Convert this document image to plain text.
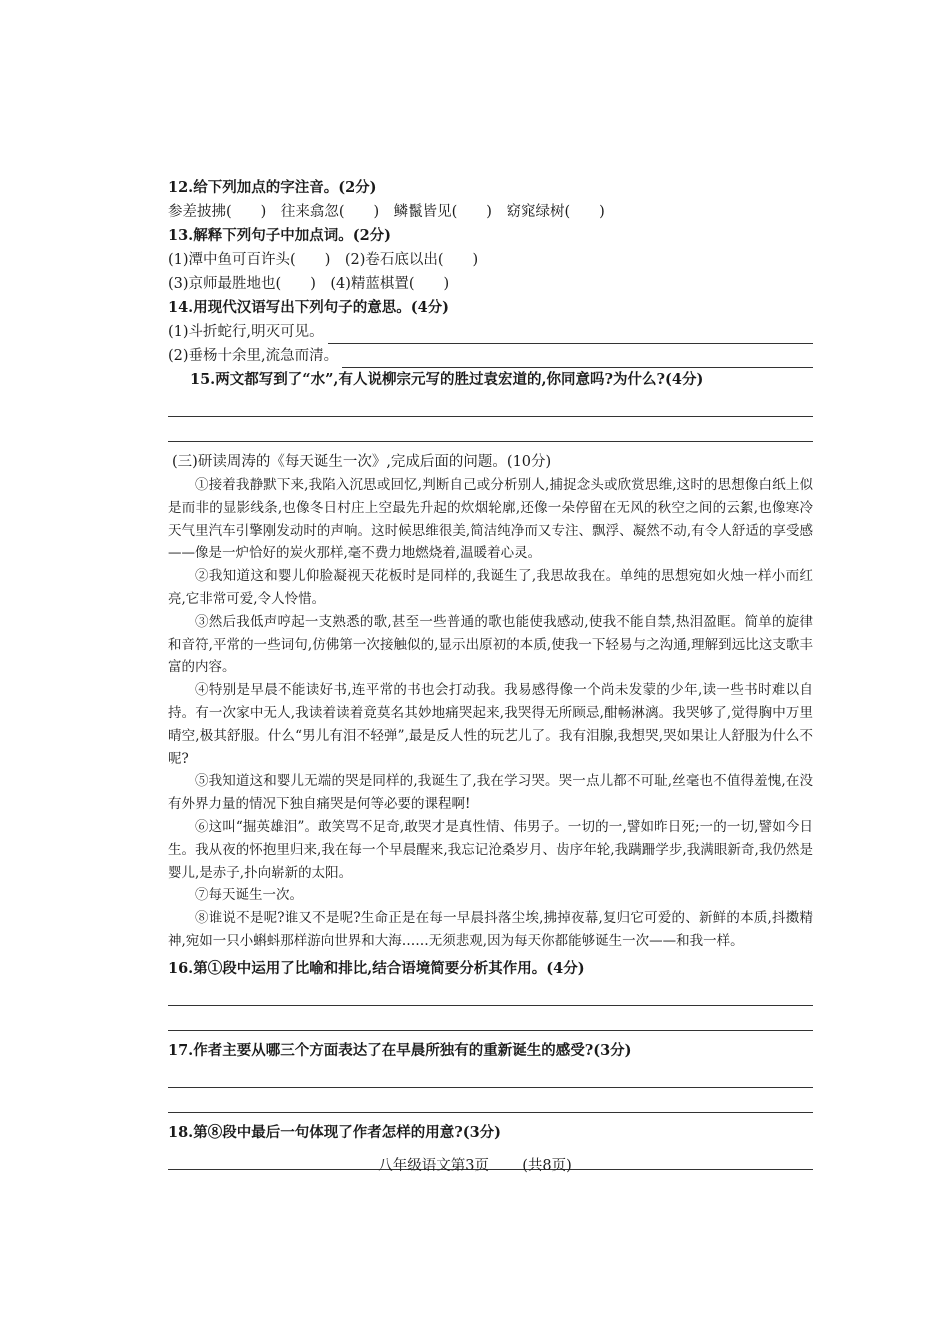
12.给下列加点的字注音。(2分)
参差披拂(　　)　往来翕忽(　　)　鳞鬣皆见(　　)　窈窕绿树(　　)
13.解释下列句子中加点词。(2分)
(1)潭中鱼可百许头(　　)　(2)卷石底以出(　　)
(3)京师最胜地也(　　)　(4)精蓝棋置(　　)
14.用现代汉语写出下列句子的意思。(4分)
(1)斗折蛇行,明灭可见。
(2)垂杨十余里,流急而清。
15.两文都写到了“水”,有人说柳宗元写的胜过袁宏道的,你同意吗?为什么?(4分)
(三)研读周涛的《每天诞生一次》,完成后面的问题。(10分)

①接着我静默下来,我陷入沉思或回忆,判断自己或分析别人,捕捉念头或欣赏思维,这时的思想像白纸上似是而非的显影线条,也像冬日村庄上空最先升起的炊烟轮廓,还像一朵停留在无风的秋空之间的云絮,也像寒冷天气里汽车引擎刚发动时的声响。这时候思维很美,简洁纯净而又专注、飘浮、凝然不动,有令人舒适的享受感——像是一炉恰好的炭火那样,毫不费力地燃烧着,温暖着心灵。

②我知道这和婴儿仰脸凝视天花板时是同样的,我诞生了,我思故我在。单纯的思想宛如火烛一样小而红亮,它非常可爱,令人怜惜。

③然后我低声哼起一支熟悉的歌,甚至一些普通的歌也能使我感动,使我不能自禁,热泪盈眶。简单的旋律和音符,平常的一些词句,仿佛第一次接触似的,显示出原初的本质,使我一下轻易与之沟通,理解到远比这支歌丰富的内容。

④特别是早晨不能读好书,连平常的书也会打动我。我易感得像一个尚未发蒙的少年,读一些书时难以自持。有一次家中无人,我读着读着竟莫名其妙地痛哭起来,我哭得无所顾忌,酣畅淋漓。我哭够了,觉得胸中万里晴空,极其舒服。什么“男儿有泪不轻弹”,最是反人性的玩艺儿了。我有泪腺,我想哭,哭如果让人舒服为什么不呢?

⑤我知道这和婴儿无端的哭是同样的,我诞生了,我在学习哭。哭一点儿都不可耻,丝毫也不值得羞愧,在没有外界力量的情况下独自痛哭是何等必要的课程啊!

⑥这叫“掘英雄泪”。敢笑骂不足奇,敢哭才是真性情、伟男子。一切的一,譬如昨日死;一的一切,譬如今日生。我从夜的怀抱里归来,我在每一个早晨醒来,我忘记沧桑岁月、齿序年轮,我蹒跚学步,我满眼新奇,我仍然是婴儿,是赤子,扑向崭新的太阳。

⑦每天诞生一次。

⑧谁说不是呢?谁又不是呢?生命正是在每一早晨抖落尘埃,拂掉夜幕,复归它可爱的、新鲜的本质,抖擞精神,宛如一只小蝌蚪那样游向世界和大海……无须悲观,因为每天你都能够诞生一次——和我一样。

16.第①段中运用了比喻和排比,结合语境简要分析其作用。(4分)
17.作者主要从哪三个方面表达了在早晨所独有的重新诞生的感受?(3分)
18.第⑧段中最后一句体现了作者怎样的用意?(3分)
八年级语文第3页 (共8页)
